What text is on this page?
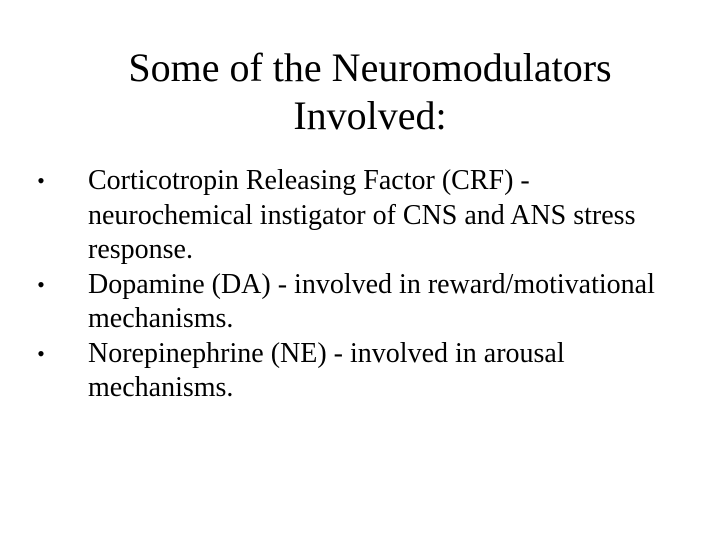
Some of the Neuromodulators
Involved:
• Corticotropin Releasing Factor (CRF) - neurochemical instigator of CNS and ANS stress response.
• Dopamine (DA) - involved in reward/motivational mechanisms.
• Norepinephrine (NE) - involved in arousal mechanisms.
